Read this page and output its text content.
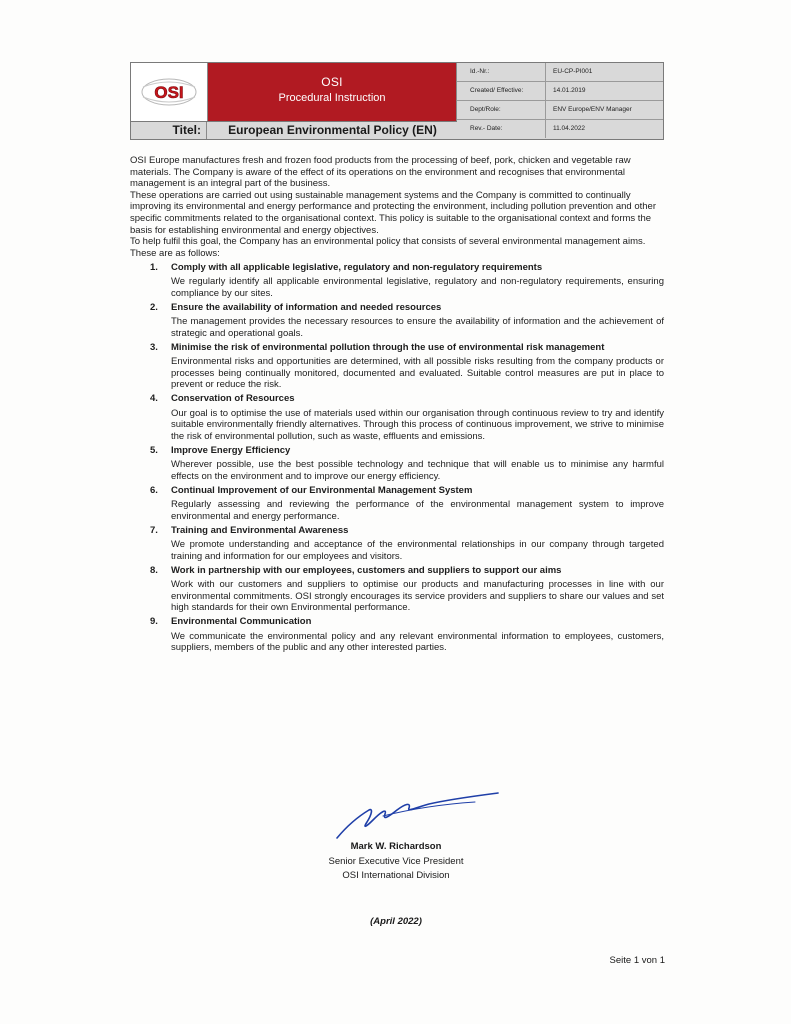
OSI
OSI
Procedural Instruction
Id.-Nr.:	EU-CP-PI001
Created/ Effective:	14.01.2019
Dept/Role:	ENV Europe/ENV Manager
Rev.- Date:	11.04.2022
Titel:	European Environmental Policy (EN)

OSI Europe manufactures fresh and frozen food products from the processing of beef, pork, chicken and vegetable raw materials. The Company is aware of the effect of its operations on the environment and recognises that environmental management is an integral part of the business.

These operations are carried out using sustainable management systems and the Company is committed to continually improving its environmental and energy performance and protecting the environment, including pollution prevention and other specific commitments related to the organisational context. This policy is suitable to the organisational context and forms the basis for establishing environmental and energy objectives.

To help fulfil this goal, the Company has an environmental policy that consists of several environmental management aims. These are as follows:

1. Comply with all applicable legislative, regulatory and non-regulatory requirements
We regularly identify all applicable environmental legislative, regulatory and non-regulatory requirements, ensuring compliance by our sites.
2. Ensure the availability of information and needed resources
The management provides the necessary resources to ensure the availability of information and the achievement of strategic and operational goals.
3. Minimise the risk of environmental pollution through the use of environmental risk management
Environmental risks and opportunities are determined, with all possible risks resulting from the company products or processes being continually monitored, documented and evaluated. Suitable control measures are put in place to prevent or reduce the risk.
4. Conservation of Resources
Our goal is to optimise the use of materials used within our organisation through continuous review to try and identify suitable environmentally friendly alternatives. Through this process of continuous improvement, we strive to minimise the risk of environmental pollution, such as waste, effluents and emissions.
5. Improve Energy Efficiency
Wherever possible, use the best possible technology and technique that will enable us to minimise any harmful effects on the environment and to improve our energy efficiency.
6. Continual Improvement of our Environmental Management System
Regularly assessing and reviewing the performance of the environmental management system to improve environmental and energy performance.
7. Training and Environmental Awareness
We promote understanding and acceptance of the environmental relationships in our company through targeted training and information for our employees and visitors.
8. Work in partnership with our employees, customers and suppliers to support our aims
Work with our customers and suppliers to optimise our products and manufacturing processes in line with our environmental commitments. OSI strongly encourages its service providers and suppliers to share our values and set high standards for their own Environmental performance.
9. Environmental Communication
We communicate the environmental policy and any relevant environmental information to employees, customers, suppliers, members of the public and any other interested parties.
Mark W. Richardson
Senior Executive Vice President
OSI International Division
(April 2022)
Seite 1 von 1
